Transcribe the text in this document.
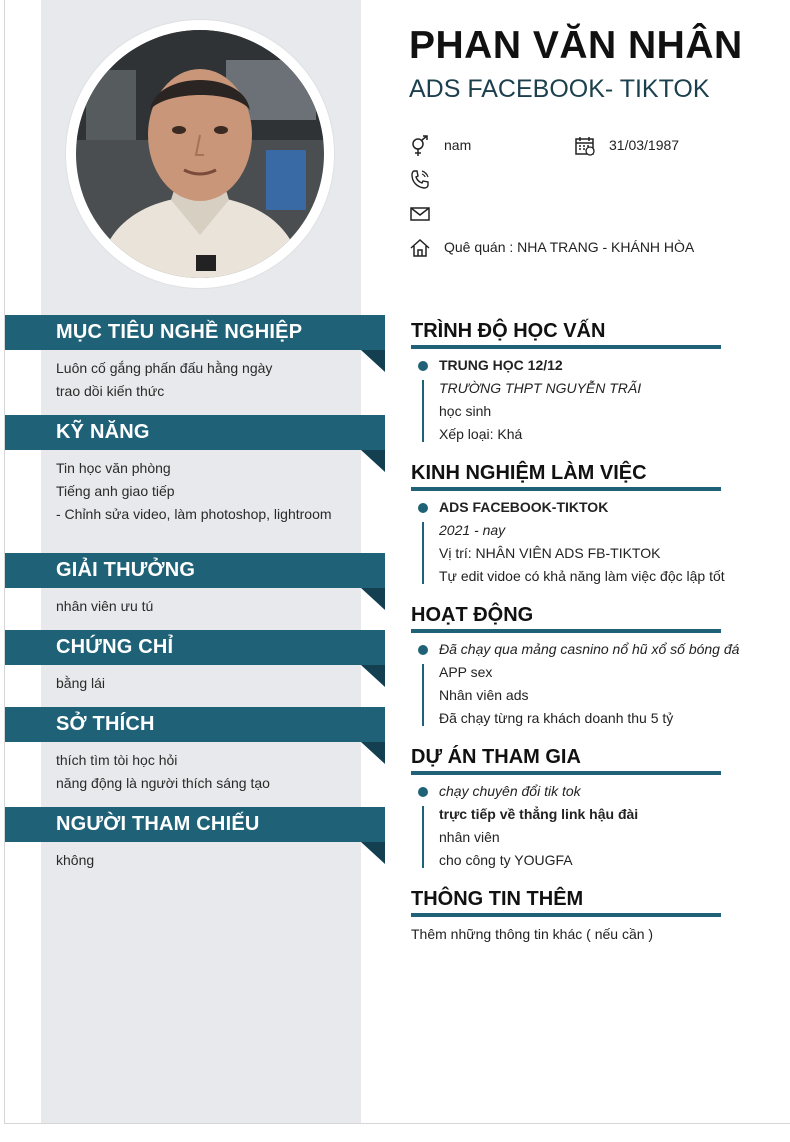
PHAN VĂN NHÂN
ADS FACEBOOK- TIKTOK
nam	31/03/1987
Quê quán : NHA TRANG - KHÁNH HÒA
MỤC TIÊU NGHỀ NGHIỆP
Luôn cố gắng phấn đấu hằng ngày
trao dồi kiến thức
KỸ NĂNG
Tin học văn phòng
Tiếng anh giao tiếp
- Chỉnh sửa video, làm photoshop, lightroom
GIẢI THƯỞNG
nhân viên ưu tú
CHỨNG CHỈ
bằng lái
SỞ THÍCH
thích tìm tòi học hỏi
năng động là người thích sáng tạo
NGƯỜI THAM CHIẾU
không
TRÌNH ĐỘ HỌC VẤN
TRUNG HỌC 12/12
TRƯỜNG THPT NGUYỄN TRÃI
học sinh
Xếp loại: Khá
KINH NGHIỆM LÀM VIỆC
ADS FACEBOOK-TIKTOK
2021 - nay
Vị trí: NHÂN VIÊN ADS FB-TIKTOK
Tự edit vidoe có khả năng làm việc độc lập tốt
HOẠT ĐỘNG
Đã chạy qua mảng casnino nổ hũ xổ số bóng đá
APP sex
Nhân viên ads
Đã chạy từng ra khách doanh thu 5 tỷ
DỰ ÁN THAM GIA
chạy chuyên đổi tik tok
trực tiếp về thẳng link hậu đài
nhân viên
cho công ty YOUGFA
THÔNG TIN THÊM
Thêm những thông tin khác ( nếu cần )
